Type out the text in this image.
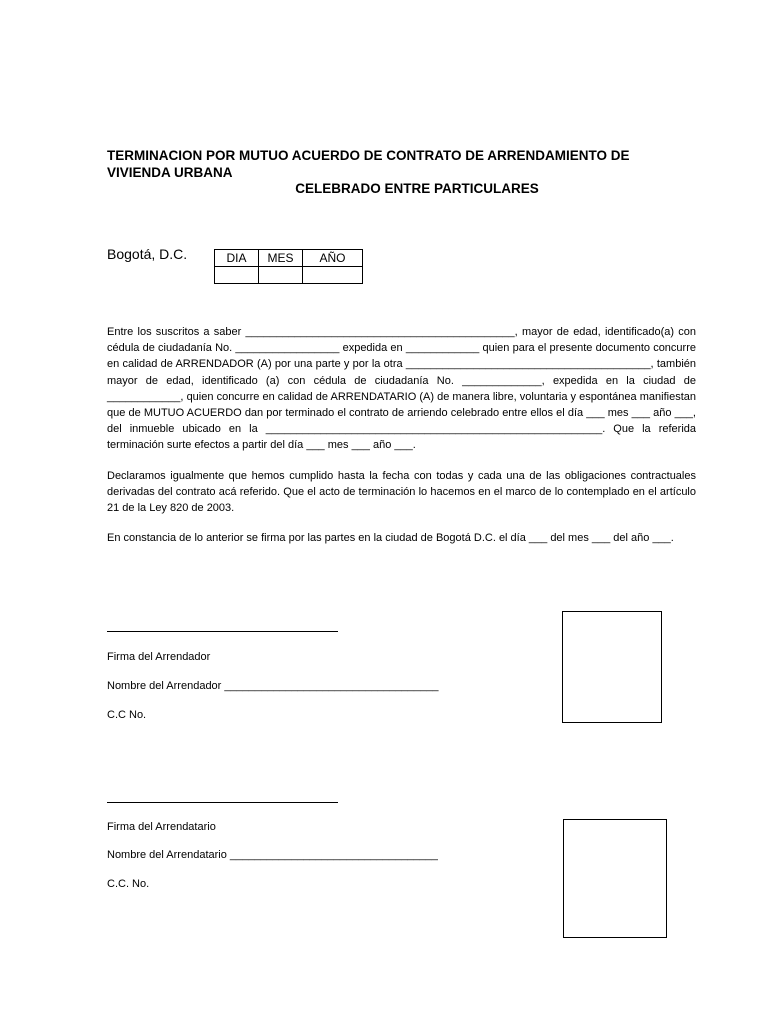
TERMINACION POR MUTUO ACUERDO DE CONTRATO DE ARRENDAMIENTO DE
VIVIENDA URBANA
CELEBRADO ENTRE PARTICULARES
Bogotá, D.C.	DIA	MES	AÑO

Entre los suscritos a saber ____________________________________________, mayor de edad, identificado(a) con cédula de ciudadanía No. _________________ expedida en ____________ quien para el presente documento concurre en calidad de ARRENDADOR (A) por una parte y por la otra ________________________________________, también mayor de edad, identificado (a) con cédula de ciudadanía No. _____________, expedida en la ciudad de ____________, quien concurre en calidad de ARRENDATARIO (A) de manera libre, voluntaria y espontánea manifiestan que de MUTUO ACUERDO dan por terminado el contrato de arriendo celebrado entre ellos el día ___ mes ___ año ___, del inmueble ubicado en la _______________________________________________________. Que la referida terminación surte efectos a partir del día ___ mes ___ año ___.

Declaramos igualmente que hemos cumplido hasta la fecha con todas y cada una de las obligaciones contractuales derivadas del contrato acá referido. Que el acto de terminación lo hacemos en el marco de lo contemplado en el artículo 21 de la Ley 820 de 2003.

En constancia de lo anterior se firma por las partes en la ciudad de Bogotá D.C. el día ___ del mes ___ del año ___.

Firma del Arrendador
Nombre del Arrendador ___________________________________
C.C No.
Firma del Arrendatario
Nombre del Arrendatario __________________________________
C.C. No.
